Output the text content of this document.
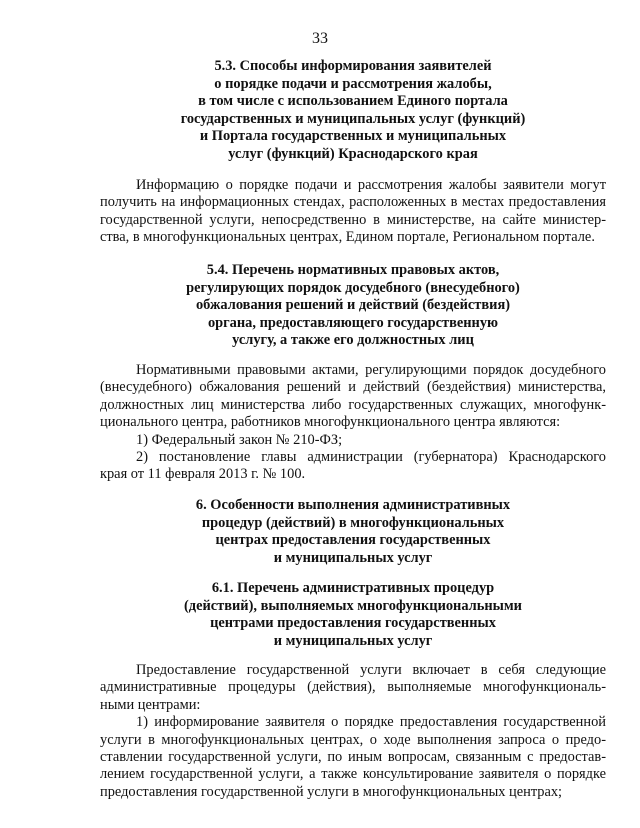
33
5.3. Способы информирования заявителей
о порядке подачи и рассмотрения жалобы,
в том числе с использованием Единого портала
государственных и муниципальных услуг (функций)
и Портала государственных и муниципальных
услуг (функций) Краснодарского края
Информацию о порядке подачи и рассмотрения жалобы заявители могут
получить на информационных стендах, расположенных в местах предоставления
государственной услуги, непосредственно в министерстве, на сайте министер-
ства, в многофункциональных центрах, Едином портале, Региональном портале.
5.4. Перечень нормативных правовых актов,
регулирующих порядок досудебного (внесудебного)
обжалования решений и действий (бездействия)
органа, предоставляющего государственную
услугу, а также его должностных лиц
Нормативными правовыми актами, регулирующими порядок досудебного
(внесудебного) обжалования решений и действий (бездействия) министерства,
должностных лиц министерства либо государственных служащих, многофунк-
ционального центра, работников многофункционального центра являются:
1) Федеральный закон № 210-ФЗ;
2) постановление главы администрации (губернатора) Краснодарского
края от 11 февраля 2013 г. № 100.
6. Особенности выполнения административных
процедур (действий) в многофункциональных
центрах предоставления государственных
и муниципальных услуг
6.1. Перечень административных процедур
(действий), выполняемых многофункциональными
центрами предоставления государственных
и муниципальных услуг
Предоставление государственной услуги включает в себя следующие
административные процедуры (действия), выполняемые многофункциональ-
ными центрами:
1) информирование заявителя о порядке предоставления государственной
услуги в многофункциональных центрах, о ходе выполнения запроса о предо-
ставлении государственной услуги, по иным вопросам, связанным с предостав-
лением государственной услуги, а также консультирование заявителя о порядке
предоставления государственной услуги в многофункциональных центрах;
